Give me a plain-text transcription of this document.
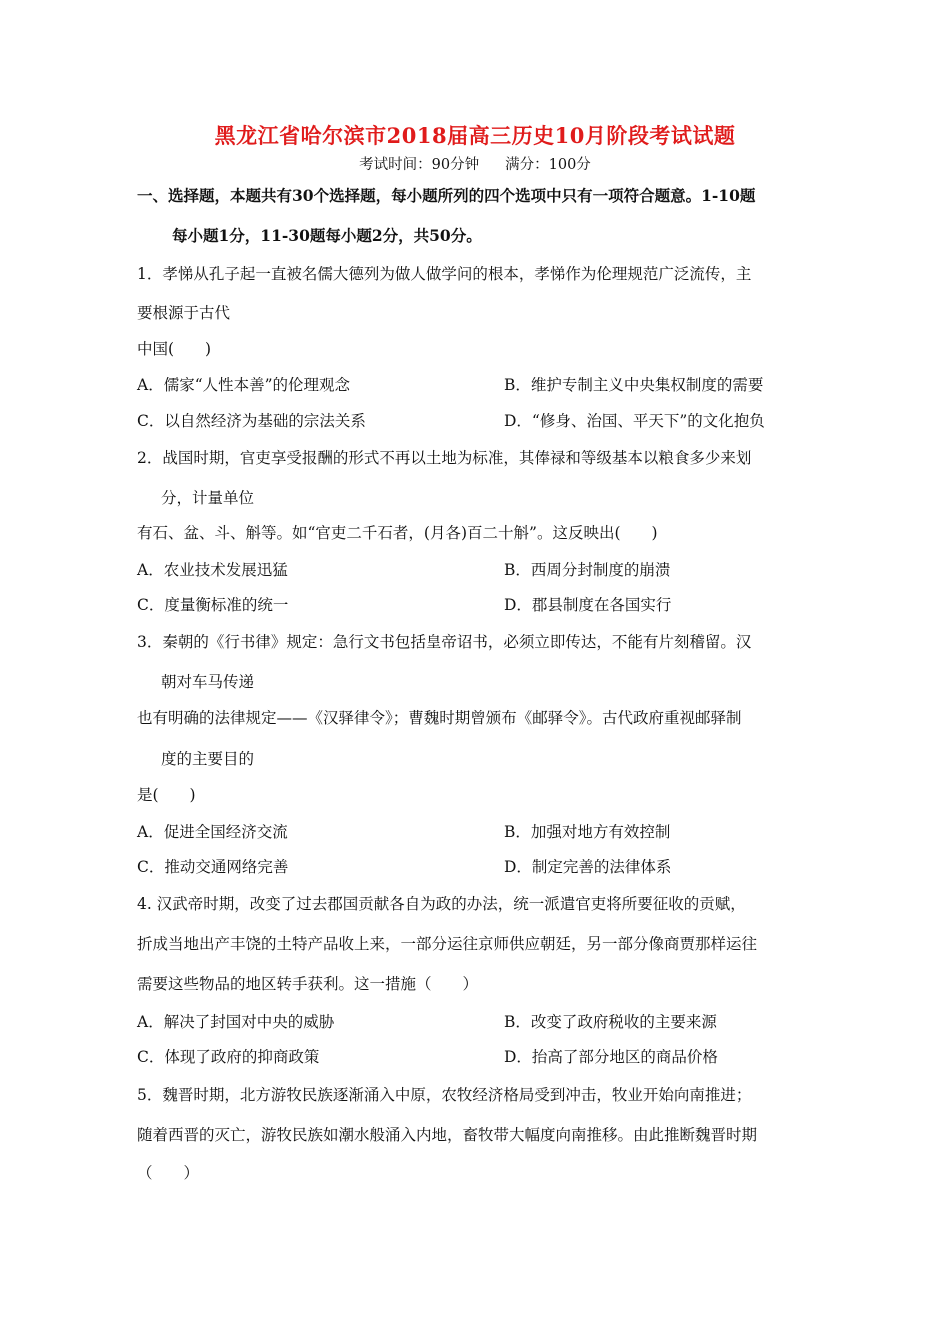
黑龙江省哈尔滨市2018届高三历史10月阶段考试试题
考试时间：90分钟 满分：100分
一、选择题，本题共有30个选择题，每小题所列的四个选项中只有一项符合题意。1-10题
每小题1分，11-30题每小题2分，共50分。
1．孝悌从孔子起一直被名儒大德列为做人做学问的根本，孝悌作为伦理规范广泛流传，主
要根源于古代
中国(　　)
A．儒家“人性本善”的伦理观念	B．维护专制主义中央集权制度的需要
C．以自然经济为基础的宗法关系	D．“修身、治国、平天下”的文化抱负
2．战国时期，官吏享受报酬的形式不再以土地为标准，其俸禄和等级基本以粮食多少来划
分，计量单位
有石、盆、斗、斛等。如“官吏二千石者，(月各)百二十斛”。这反映出(　　)
A．农业技术发展迅猛	B．西周分封制度的崩溃
C．度量衡标准的统一	D．郡县制度在各国实行
3．秦朝的《行书律》规定：急行文书包括皇帝诏书，必须立即传达，不能有片刻稽留。汉
朝对车马传递
也有明确的法律规定——《汉驿律令》；曹魏时期曾颁布《邮驿令》。古代政府重视邮驿制
度的主要目的
是(　　)
A．促进全国经济交流	B．加强对地方有效控制
C．推动交通网络完善	D．制定完善的法律体系
4. 汉武帝时期，改变了过去郡国贡献各自为政的办法，统一派遣官吏将所要征收的贡赋，
折成当地出产丰饶的土特产品收上来，一部分运往京师供应朝廷，另一部分像商贾那样运往
需要这些物品的地区转手获利。这一措施（　　）
A．解决了封国对中央的威胁	B．改变了政府税收的主要来源
C．体现了政府的抑商政策	D．抬高了部分地区的商品价格
5．魏晋时期，北方游牧民族逐渐涌入中原，农牧经济格局受到冲击，牧业开始向南推进；
随着西晋的灭亡，游牧民族如潮水般涌入内地，畜牧带大幅度向南推移。由此推断魏晋时期
（　　）
